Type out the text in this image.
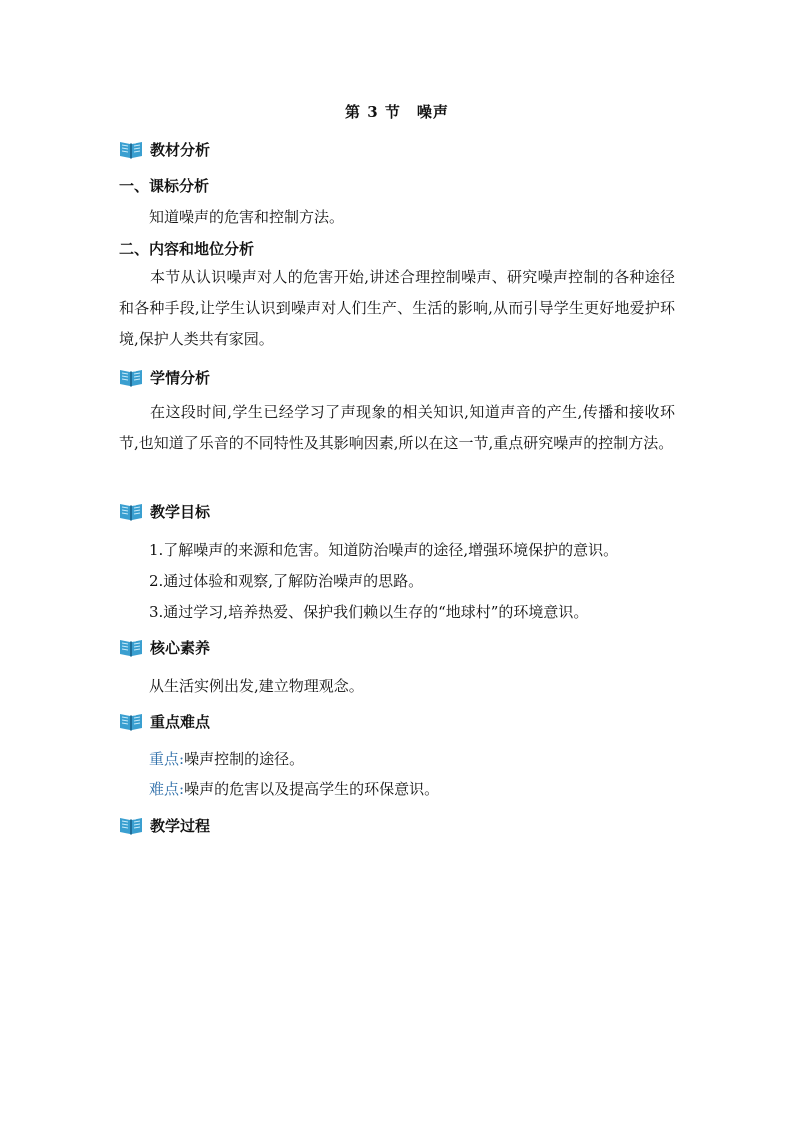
第 3 节　噪声
教材分析
一、课标分析
知道噪声的危害和控制方法。
二、内容和地位分析
本节从认识噪声对人的危害开始,讲述合理控制噪声、研究噪声控制的各种途径和各种手段,让学生认识到噪声对人们生产、生活的影响,从而引导学生更好地爱护环境,保护人类共有家园。
学情分析
在这段时间,学生已经学习了声现象的相关知识,知道声音的产生,传播和接收环节,也知道了乐音的不同特性及其影响因素,所以在这一节,重点研究噪声的控制方法。
教学目标
1.了解噪声的来源和危害。知道防治噪声的途径,增强环境保护的意识。
2.通过体验和观察,了解防治噪声的思路。
3.通过学习,培养热爱、保护我们赖以生存的“地球村”的环境意识。
核心素养
从生活实例出发,建立物理观念。
重点难点
重点:噪声控制的途径。
难点:噪声的危害以及提高学生的环保意识。
教学过程
